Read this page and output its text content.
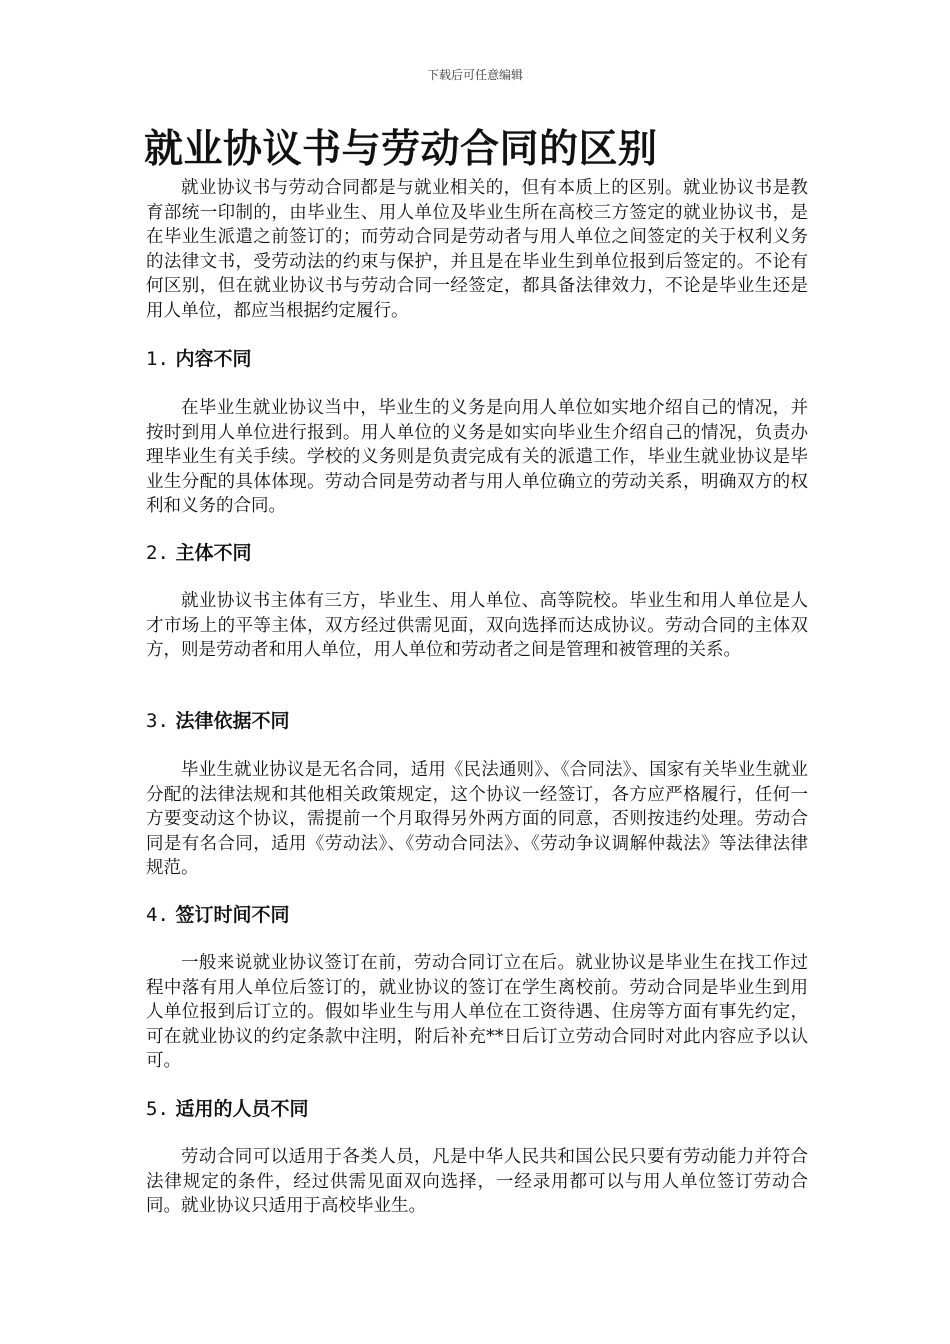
下载后可任意编辑
就业协议书与劳动合同的区别

就业协议书与劳动合同都是与就业相关的，但有本质上的区别。就业协议书是教育部统一印制的，由毕业生、用人单位及毕业生所在高校三方签定的就业协议书，是在毕业生派遣之前签订的；而劳动合同是劳动者与用人单位之间签定的关于权利义务的法律文书，受劳动法的约束与保护，并且是在毕业生到单位报到后签定的。不论有何区别，但在就业协议书与劳动合同一经签定，都具备法律效力，不论是毕业生还是用人单位，都应当根据约定履行。

1. 内容不同

在毕业生就业协议当中，毕业生的义务是向用人单位如实地介绍自己的情况，并按时到用人单位进行报到。用人单位的义务是如实向毕业生介绍自己的情况，负责办理毕业生有关手续。学校的义务则是负责完成有关的派遣工作，毕业生就业协议是毕业生分配的具体体现。劳动合同是劳动者与用人单位确立的劳动关系，明确双方的权利和义务的合同。

2. 主体不同

就业协议书主体有三方，毕业生、用人单位、高等院校。毕业生和用人单位是人才市场上的平等主体，双方经过供需见面，双向选择而达成协议。劳动合同的主体双方，则是劳动者和用人单位，用人单位和劳动者之间是管理和被管理的关系。

3. 法律依据不同

毕业生就业协议是无名合同，适用《民法通则》、《合同法》、国家有关毕业生就业分配的法律法规和其他相关政策规定，这个协议一经签订，各方应严格履行，任何一方要变动这个协议，需提前一个月取得另外两方面的同意，否则按违约处理。劳动合同是有名合同，适用《劳动法》、《劳动合同法》、《劳动争议调解仲裁法》等法律法律规范。

4. 签订时间不同

一般来说就业协议签订在前，劳动合同订立在后。就业协议是毕业生在找工作过程中落有用人单位后签订的，就业协议的签订在学生离校前。劳动合同是毕业生到用人单位报到后订立的。假如毕业生与用人单位在工资待遇、住房等方面有事先约定，可在就业协议的约定条款中注明，附后补充**日后订立劳动合同时对此内容应予以认可。

5. 适用的人员不同

劳动合同可以适用于各类人员，凡是中华人民共和国公民只要有劳动能力并符合法律规定的条件，经过供需见面双向选择，一经录用都可以与用人单位签订劳动合同。就业协议只适用于高校毕业生。
